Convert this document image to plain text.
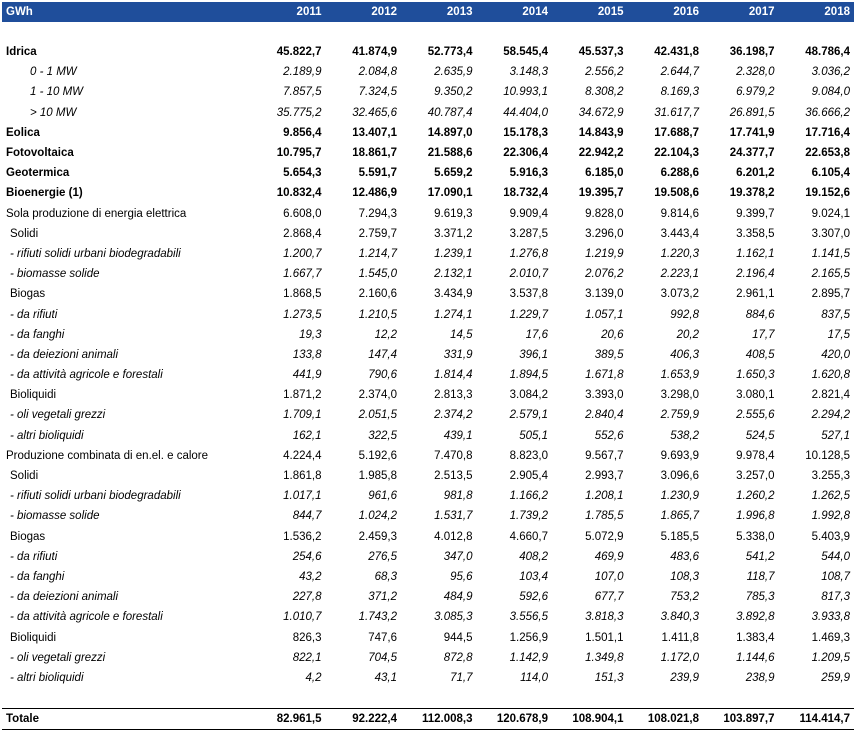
GWh	2011	2012	2013	2014	2015	2016	2017	2018

Idrica	45.822,7	41.874,9	52.773,4	58.545,4	45.537,3	42.431,8	36.198,7	48.786,4
0 - 1 MW	2.189,9	2.084,8	2.635,9	3.148,3	2.556,2	2.644,7	2.328,0	3.036,2
1 - 10 MW	7.857,5	7.324,5	9.350,2	10.993,1	8.308,2	8.169,3	6.979,2	9.084,0
> 10 MW	35.775,2	32.465,6	40.787,4	44.404,0	34.672,9	31.617,7	26.891,5	36.666,2
Eolica	9.856,4	13.407,1	14.897,0	15.178,3	14.843,9	17.688,7	17.741,9	17.716,4
Fotovoltaica	10.795,7	18.861,7	21.588,6	22.306,4	22.942,2	22.104,3	24.377,7	22.653,8
Geotermica	5.654,3	5.591,7	5.659,2	5.916,3	6.185,0	6.288,6	6.201,2	6.105,4
Bioenergie (1)	10.832,4	12.486,9	17.090,1	18.732,4	19.395,7	19.508,6	19.378,2	19.152,6
Sola produzione di energia elettrica	6.608,0	7.294,3	9.619,3	9.909,4	9.828,0	9.814,6	9.399,7	9.024,1
Solidi	2.868,4	2.759,7	3.371,2	3.287,5	3.296,0	3.443,4	3.358,5	3.307,0
- rifiuti solidi urbani biodegradabili	1.200,7	1.214,7	1.239,1	1.276,8	1.219,9	1.220,3	1.162,1	1.141,5
- biomasse solide	1.667,7	1.545,0	2.132,1	2.010,7	2.076,2	2.223,1	2.196,4	2.165,5
Biogas	1.868,5	2.160,6	3.434,9	3.537,8	3.139,0	3.073,2	2.961,1	2.895,7
- da rifiuti	1.273,5	1.210,5	1.274,1	1.229,7	1.057,1	992,8	884,6	837,5
- da fanghi	19,3	12,2	14,5	17,6	20,6	20,2	17,7	17,5
- da deiezioni animali	133,8	147,4	331,9	396,1	389,5	406,3	408,5	420,0
- da attività agricole e forestali	441,9	790,6	1.814,4	1.894,5	1.671,8	1.653,9	1.650,3	1.620,8
Bioliquidi	1.871,2	2.374,0	2.813,3	3.084,2	3.393,0	3.298,0	3.080,1	2.821,4
- oli vegetali grezzi	1.709,1	2.051,5	2.374,2	2.579,1	2.840,4	2.759,9	2.555,6	2.294,2
- altri bioliquidi	162,1	322,5	439,1	505,1	552,6	538,2	524,5	527,1
Produzione combinata di en.el. e calore	4.224,4	5.192,6	7.470,8	8.823,0	9.567,7	9.693,9	9.978,4	10.128,5
Solidi	1.861,8	1.985,8	2.513,5	2.905,4	2.993,7	3.096,6	3.257,0	3.255,3
- rifiuti solidi urbani biodegradabili	1.017,1	961,6	981,8	1.166,2	1.208,1	1.230,9	1.260,2	1.262,5
- biomasse solide	844,7	1.024,2	1.531,7	1.739,2	1.785,5	1.865,7	1.996,8	1.992,8
Biogas	1.536,2	2.459,3	4.012,8	4.660,7	5.072,9	5.185,5	5.338,0	5.403,9
- da rifiuti	254,6	276,5	347,0	408,2	469,9	483,6	541,2	544,0
- da fanghi	43,2	68,3	95,6	103,4	107,0	108,3	118,7	108,7
- da deiezioni animali	227,8	371,2	484,9	592,6	677,7	753,2	785,3	817,3
- da attività agricole e forestali	1.010,7	1.743,2	3.085,3	3.556,5	3.818,3	3.840,3	3.892,8	3.933,8
Bioliquidi	826,3	747,6	944,5	1.256,9	1.501,1	1.411,8	1.383,4	1.469,3
- oli vegetali grezzi	822,1	704,5	872,8	1.142,9	1.349,8	1.172,0	1.144,6	1.209,5
- altri bioliquidi	4,2	43,1	71,7	114,0	151,3	239,9	238,9	259,9

Totale	82.961,5	92.222,4	112.008,3	120.678,9	108.904,1	108.021,8	103.897,7	114.414,7
